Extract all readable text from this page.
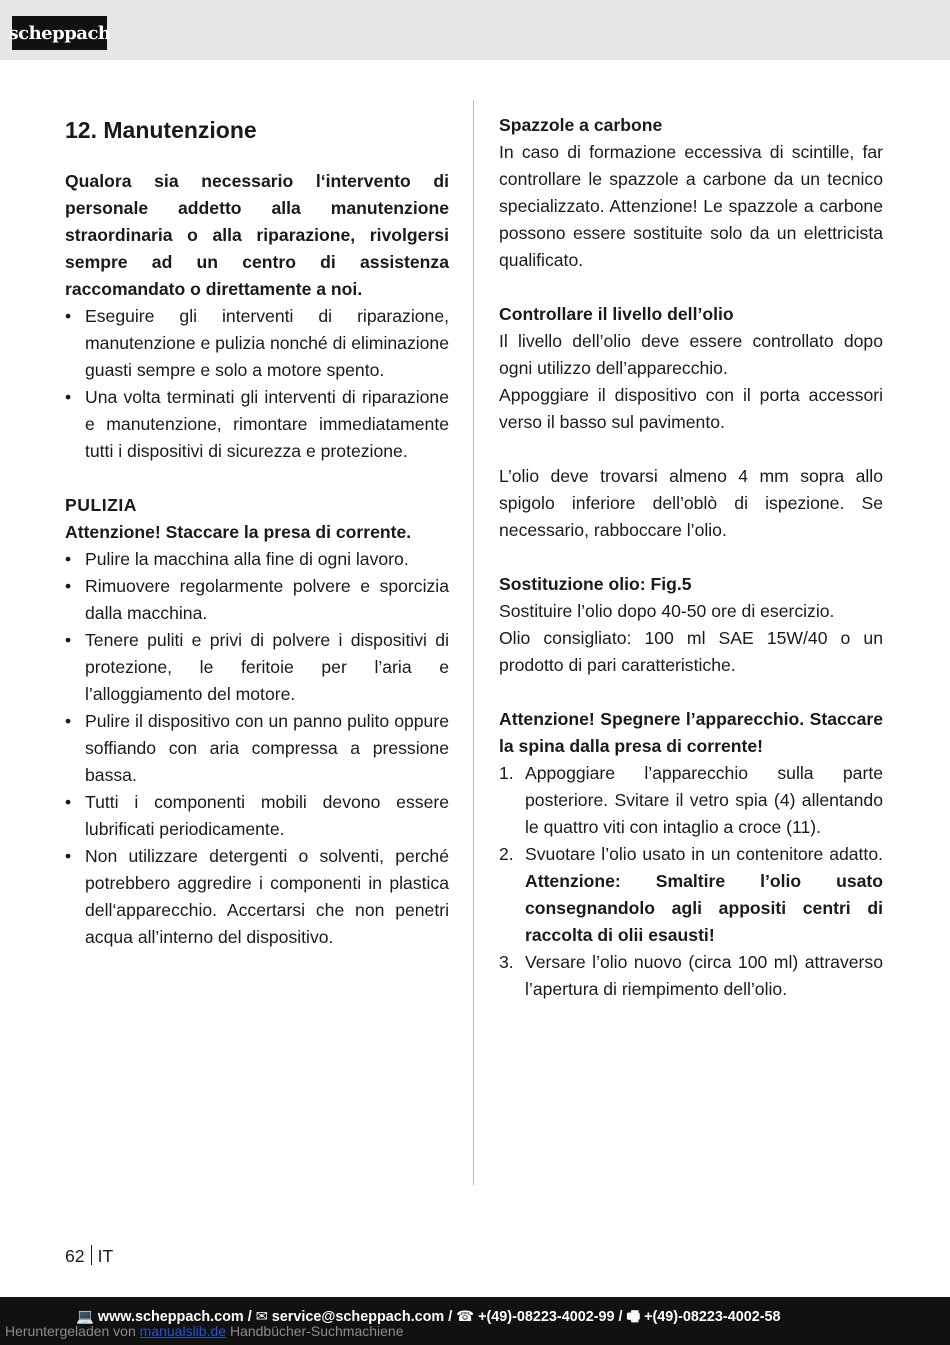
scheppach
12. Manutenzione

Qualora sia necessario l‘intervento di personale addetto alla manutenzione straordinaria o alla riparazione, rivolgersi sempre ad un centro di assistenza raccomandato o direttamente a noi.

• Eseguire gli interventi di riparazione, manutenzione e pulizia nonché di eliminazione guasti sempre e solo a motore spento.
• Una volta terminati gli interventi di riparazione e manutenzione, rimontare immediatamente tutti i dispositivi di sicurezza e protezione.

PULIZIA

Attenzione! Staccare la presa di corrente.

• Pulire la macchina alla fine di ogni lavoro.
• Rimuovere regolarmente polvere e sporcizia dalla macchina.
• Tenere puliti e privi di polvere i dispositivi di protezione, le feritoie per l’aria e l’alloggiamento del motore.
• Pulire il dispositivo con un panno pulito oppure soffiando con aria compressa a pressione bassa.
• Tutti i componenti mobili devono essere lubrificati periodicamente.
• Non utilizzare detergenti o solventi, perché potrebbero aggredire i componenti in plastica dell‘apparecchio. Accertarsi che non penetri acqua all’interno del dispositivo.

Spazzole a carbone

In caso di formazione eccessiva di scintille, far controllare le spazzole a carbone da un tecnico specializzato. Attenzione! Le spazzole a carbone possono essere sostituite solo da un elettricista qualificato.

Controllare il livello dell’olio

Il livello dell’olio deve essere controllato dopo ogni utilizzo dell’apparecchio.

Appoggiare il dispositivo con il porta accessori verso il basso sul pavimento.

L’olio deve trovarsi almeno 4 mm sopra allo spigolo inferiore dell’oblò di ispezione. Se necessario, rabboccare l’olio.

Sostituzione olio: Fig.5

Sostituire l’olio dopo 40-50 ore di esercizio.

Olio consigliato: 100 ml SAE 15W/40 o un prodotto di pari caratteristiche.

Attenzione! Spegnere l’apparecchio. Staccare la spina dalla presa di corrente!

1. Appoggiare l’apparecchio sulla parte posteriore. Svitare il vetro spia (4) allentando le quattro viti con intaglio a croce (11).
2. Svuotare l’olio usato in un contenitore adatto. Attenzione: Smaltire l’olio usato consegnandolo agli appositi centri di raccolta di olii esausti!
3. Versare l’olio nuovo (circa 100 ml) attraverso l’apertura di riempimento dell’olio.
62 IT
💻 www.scheppach.com / ✉ service@scheppach.com / ☎ +(49)-08223-4002-99 / 🖷 +(49)-08223-4002-58
Heruntergeladen von manualslib.de Handbücher-Suchmachiene
